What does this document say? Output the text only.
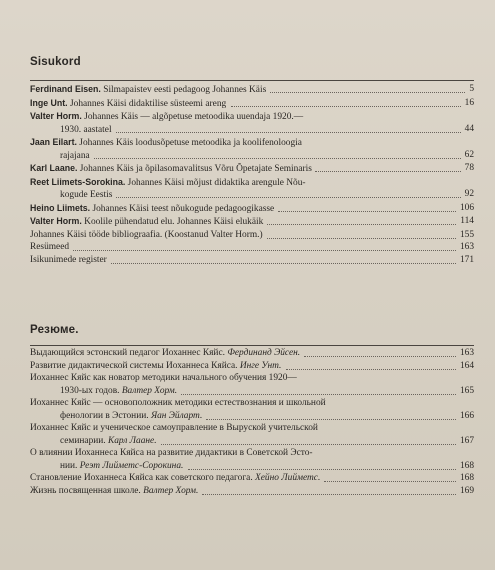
Sisukord
Ferdinand Eisen. Silmapaistev eesti pedagoog Johannes Käis	5
Inge Unt. Johannes Käisi didaktilise süsteemi areng	16
Valter Horm. Johannes Käis — algõpetuse metoodika uuendaja 1920.—
1930. aastatel	44
Jaan Eilart. Johannes Käis loodusõpetuse metoodika ja koolifenoloogia
rajajana	62
Karl Laane. Johannes Käis ja õpilasomavalitsus Võru Õpetajate Seminaris	78
Reet Liimets-Sorokina. Johannes Käisi mõjust didaktika arengule Nõu-
kogude Eestis	92
Heino Liimets. Johannes Käisi teest nõukogude pedagoogikasse	106
Valter Horm. Koolile pühendatud elu. Johannes Käisi elukäik	114
Johannes Käisi tööde bibliograafia. (Koostanud Valter Horm.)	155
Resümeed	163
Isikunimede register	171
Резюме.
Выдающийся эстонский педагог Иоханнес Кяйс. Фердинанд Эйсен.	163
Развитие дидактической системы Иоханнеса Кяйса. Инге Унт.	164
Иоханнес Кяйс как новатор методики начального обучения 1920—
1930-ых годов. Валтер Хорм.	165
Иоханнес Кяйс — основоположник методики естествознания и школьной
фенологии в Эстонии. Яан Эйларт.	166
Иоханнес Кяйс и ученическое самоуправление в Выруской учительской
семинарии. Карл Лаане.	167
О влиянии Иоханнеса Кяйса на развитие дидактики в Советской Эсто-
нии. Реэт Лийметс-Сорокина.	168
Становление Иоханнеса Кяйса как советского педагога. Хейно Лийметс.	168
Жизнь посвященная школе. Валтер Хорм.	169
